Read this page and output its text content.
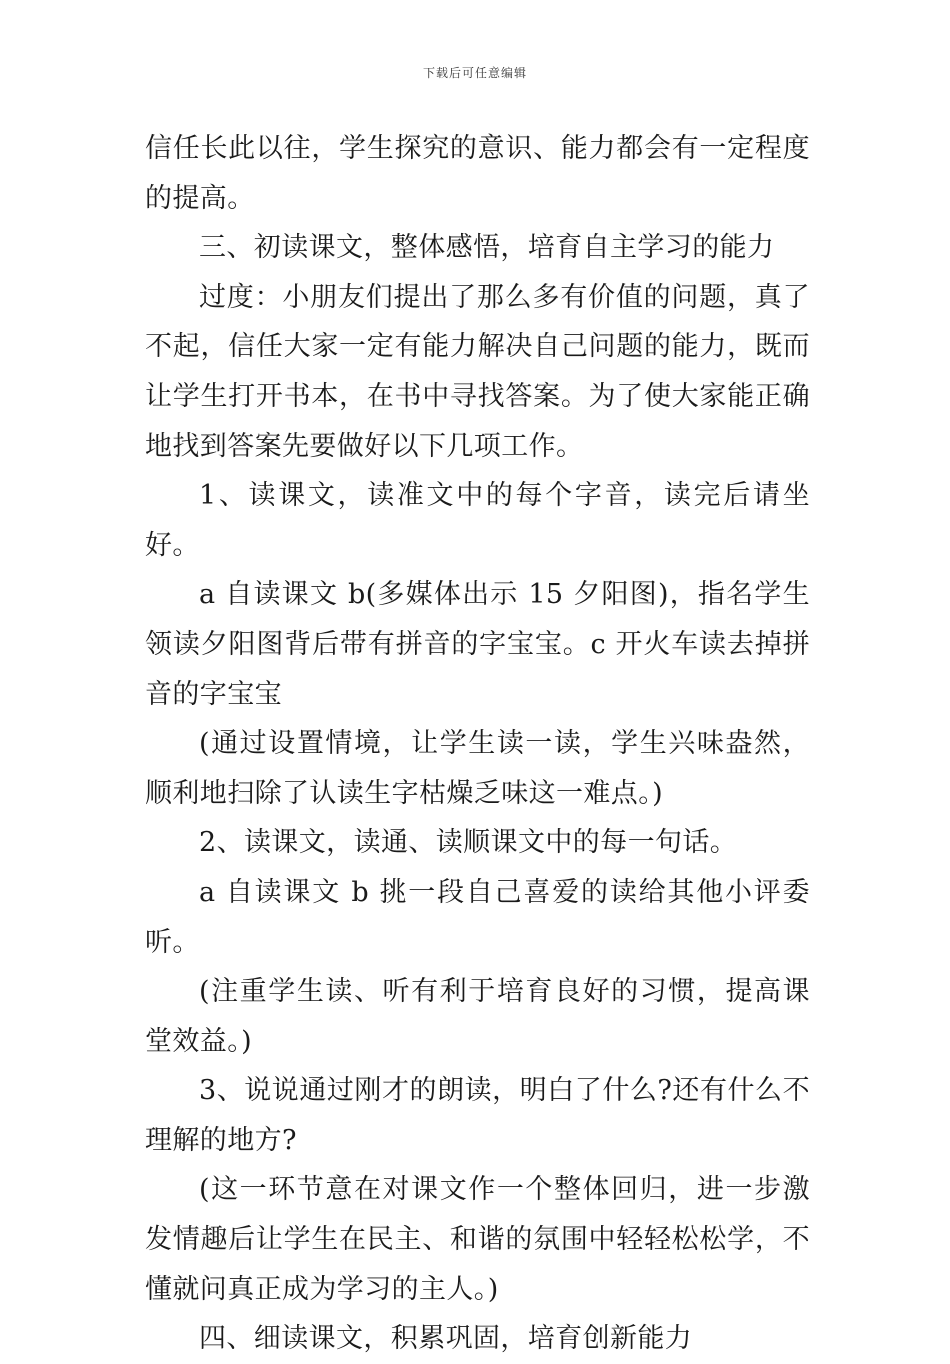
下载后可任意编辑

信任长此以往，学生探究的意识、能力都会有一定程度的提高。

三、初读课文，整体感悟，培育自主学习的能力

过度：小朋友们提出了那么多有价值的问题，真了不起，信任大家一定有能力解决自己问题的能力，既而让学生打开书本，在书中寻找答案。为了使大家能正确地找到答案先要做好以下几项工作。

1、读课文，读准文中的每个字音，读完后请坐好。

a 自读课文 b(多媒体出示 15 夕阳图)，指名学生领读夕阳图背后带有拼音的字宝宝。c 开火车读去掉拼音的字宝宝

(通过设置情境，让学生读一读，学生兴味盎然，顺利地扫除了认读生字枯燥乏味这一难点。)

2、读课文，读通、读顺课文中的每一句话。

a 自读课文 b 挑一段自己喜爱的读给其他小评委听。

(注重学生读、听有利于培育良好的习惯，提高课堂效益。)

3、说说通过刚才的朗读，明白了什么?还有什么不理解的地方?

(这一环节意在对课文作一个整体回归，进一步激发情趣后让学生在民主、和谐的氛围中轻轻松松学，不懂就问真正成为学习的主人。)

四、细读课文，积累巩固，培育创新能力
